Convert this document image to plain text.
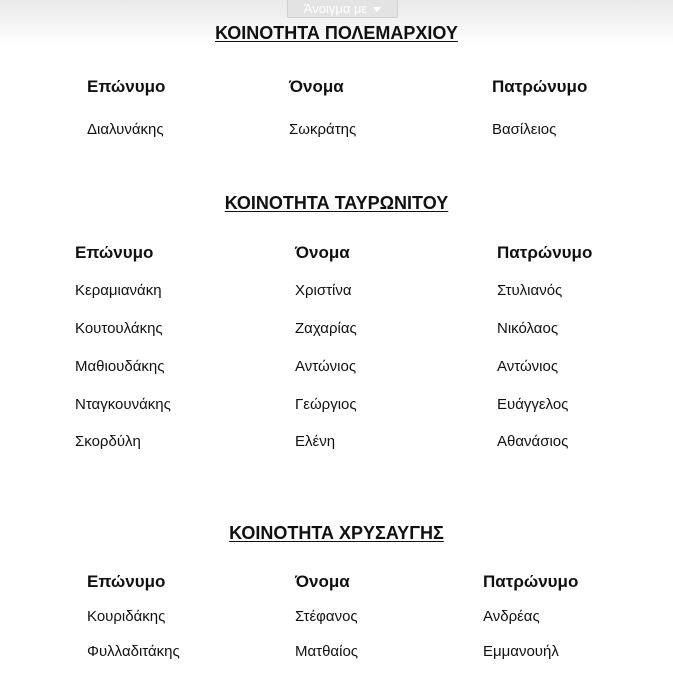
Άνοιγμα με
ΚΟΙΝΟΤΗΤΑ ΠΟΛΕΜΑΡΧΙΟΥ
Επώνυμο	Όνομα	Πατρώνυμο
Διαλυνάκης	Σωκράτης	Βασίλειος
ΚΟΙΝΟΤΗΤΑ ΤΑΥΡΩΝΙΤΟΥ
Επώνυμο	Όνομα	Πατρώνυμο
Κεραμιανάκη	Χριστίνα	Στυλιανός
Κουτουλάκης	Ζαχαρίας	Νικόλαος
Μαθιουδάκης	Αντώνιος	Αντώνιος
Νταγκουνάκης	Γεώργιος	Ευάγγελος
Σκορδύλη	Ελένη	Αθανάσιος
ΚΟΙΝΟΤΗΤΑ ΧΡΥΣΑΥΓΗΣ
Επώνυμο	Όνομα	Πατρώνυμο
Κουριδάκης	Στέφανος	Ανδρέας
Φυλλαδιτάκης	Ματθαίος	Εμμανουήλ
